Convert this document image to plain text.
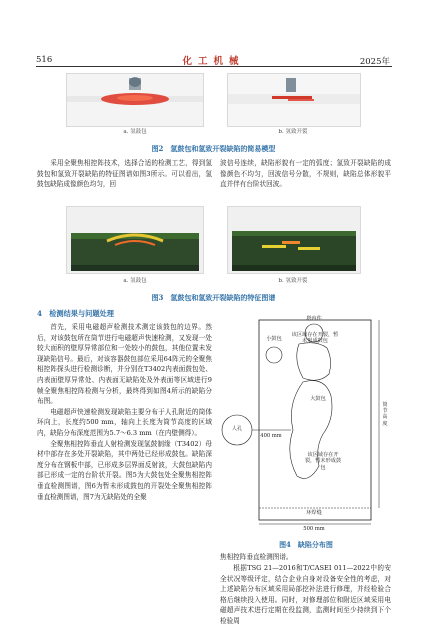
516	化工机械	2025年
a. 氢鼓包	b. 氢致开裂
图2　氢鼓包和氢致开裂缺陷的简易模型

采用全聚焦相控阵技术，选择合适的检测工艺，得到氢鼓包和氢致开裂缺陷的特征图谱如图3所示。可以看出，氢鼓包缺陷成像颜色均匀，回

波信号连续，缺陷形貌有一定的弧度；氢致开裂缺陷的成像颜色不均匀，回波信号分散，不规则，缺陷总体形貌平直并伴有台阶状回波。

a. 氢鼓包	b. 氢致开裂
图3　氢鼓包和氢致开裂缺陷的特征图谱
4　检测结果与问题处理

首先，采用电磁超声检测技术测定该鼓包的边界。然后，对该鼓包所在筒节进行电磁超声快速检测，又发现一处较大面积的壁厚异常部位和一处较小的鼓包，其他位置未发现缺陷信号。最后，对该容器鼓包部位采用64阵元的全聚焦相控阵探头进行检测诊断，并分别在T3402内表面鼓包处、内表面壁厚异常处、内表面无缺陷处及外表面等区域进行9帧全聚焦相控阵检测与分析，最终得到如图4所示的缺陷分布图。

电磁超声快速检测发现缺陷主要分布于人孔附近的筒体环向上，长度约500 mm，轴向上长度为筒节高度的区域内，缺陷分布深度范围为5.7～6.3 mm（在内壁侧得）。

全聚焦相控阵垂直人射检测发现氢鼓制缘（T3402）母材中部存在多处开裂缺陷，其中两处已经形成鼓包。缺陷深度分布在钢板中部，已形成多层界面反射波，大鼓包缺陷内部已形成一定的台阶状开裂。图5为大鼓包处全聚焦相控阵垂直检测图谱，图6为暂未形成鼓包的开裂处全聚焦相控阵垂直检测图谱，图7为无缺陷处的全聚

塔内件
小鼓包
该区域存在开裂，暂未形成鼓包
大鼓包
该区域存在开裂，暂未形成鼓包
人孔
400 mm
环焊缝
500 mm
筒节高度
图4　缺陷分布图

焦相控阵垂直检测图谱。

根据TSG 21—2016和T/CASEI 011—2022中的安全状况等级评定，结合企业自身对设备安全性的考虑，对上述缺陷分布区域采用局部挖补法进行修理，并经检验合格后继续投入使用。同时，对修理部位和附近区域采用电磁超声技术进行定期在役监测，监测时间至少持续到下个检验周
